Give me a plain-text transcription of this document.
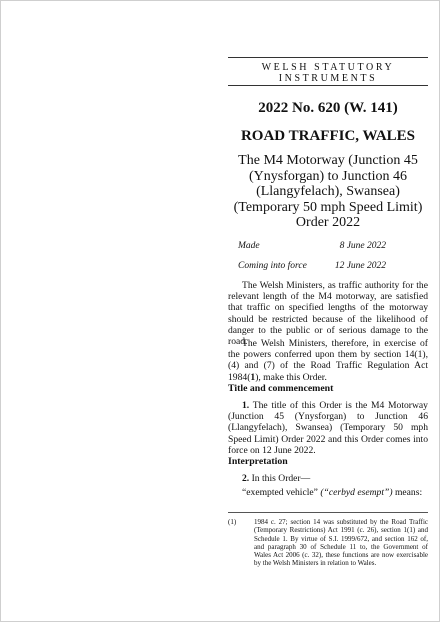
WELSH STATUTORY
INSTRUMENTS
2022 No. 620 (W. 141)
ROAD TRAFFIC, WALES
The M4 Motorway (Junction 45
(Ynysforgan) to Junction 46
(Llangyfelach), Swansea)
(Temporary 50 mph Speed Limit)
Order 2022
Made	8 June 2022
Coming into force	12 June 2022

The Welsh Ministers, as traffic authority for the relevant length of the M4 motorway, are satisfied that traffic on specified lengths of the motorway should be restricted because of the likelihood of danger to the public or of serious damage to the road.

The Welsh Ministers, therefore, in exercise of the powers conferred upon them by section 14(1), (4) and (7) of the Road Traffic Regulation Act 1984(1), make this Order.

Title and commencement

1. The title of this Order is the M4 Motorway (Junction 45 (Ynysforgan) to Junction 46 (Llangyfelach), Swansea) (Temporary 50 mph Speed Limit) Order 2022 and this Order comes into force on 12 June 2022.

Interpretation

2. In this Order—

“exempted vehicle” (“cerbyd esempt”) means:
(1)	1984 c. 27; section 14 was substituted by the Road Traffic (Temporary Restrictions) Act 1991 (c. 26), section 1(1) and Schedule 1. By virtue of S.I. 1999/672, and section 162 of, and paragraph 30 of Schedule 11 to, the Government of Wales Act 2006 (c. 32), these functions are now exercisable by the Welsh Ministers in relation to Wales.
